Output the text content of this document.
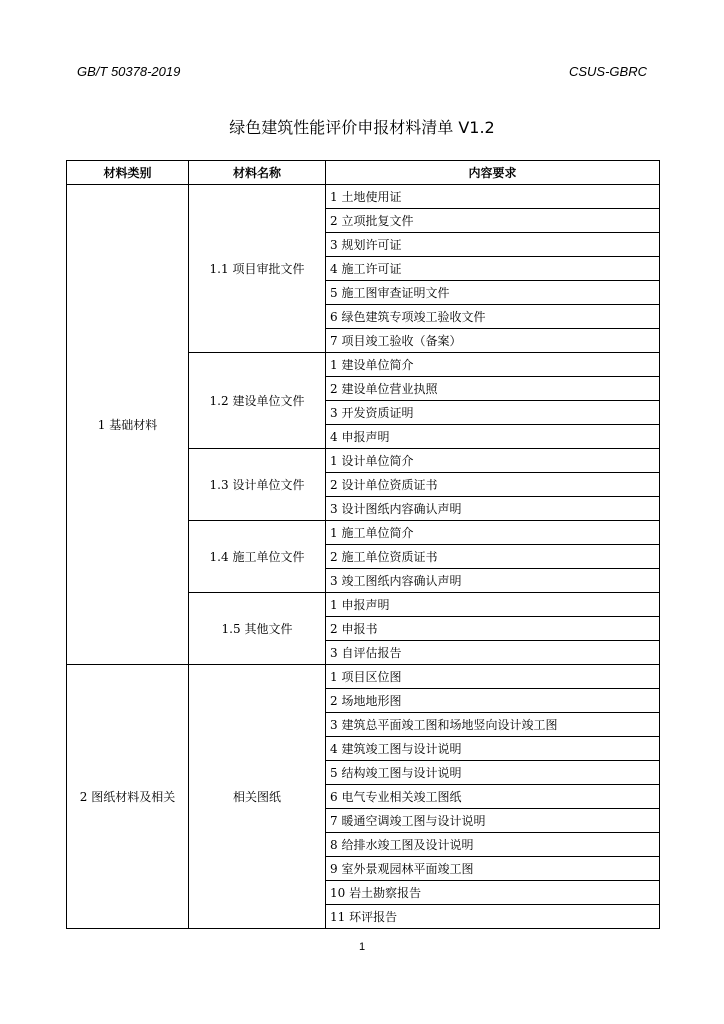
GB/T 50378-2019	CSUS-GBRC
绿色建筑性能评价申报材料清单 V1.2
材料类别	材料名称	内容要求
1 基础材料	1.1 项目审批文件	1 土地使用证
		2 立项批复文件
		3 规划许可证
		4 施工许可证
		5 施工图审查证明文件
		6 绿色建筑专项竣工验收文件
		7 项目竣工验收（备案）
	1.2 建设单位文件	1 建设单位简介
		2 建设单位营业执照
		3 开发资质证明
		4 申报声明
	1.3 设计单位文件	1 设计单位简介
		2 设计单位资质证书
		3 设计图纸内容确认声明
	1.4 施工单位文件	1 施工单位简介
		2 施工单位资质证书
		3 竣工图纸内容确认声明
	1.5 其他文件	1 申报声明
		2 申报书
		3 自评估报告
2 图纸材料及相关	相关图纸	1 项目区位图
		2 场地地形图
		3 建筑总平面竣工图和场地竖向设计竣工图
		4 建筑竣工图与设计说明
		5 结构竣工图与设计说明
		6 电气专业相关竣工图纸
		7 暖通空调竣工图与设计说明
		8 给排水竣工图及设计说明
		9 室外景观园林平面竣工图
		10 岩土勘察报告
		11 环评报告
1
